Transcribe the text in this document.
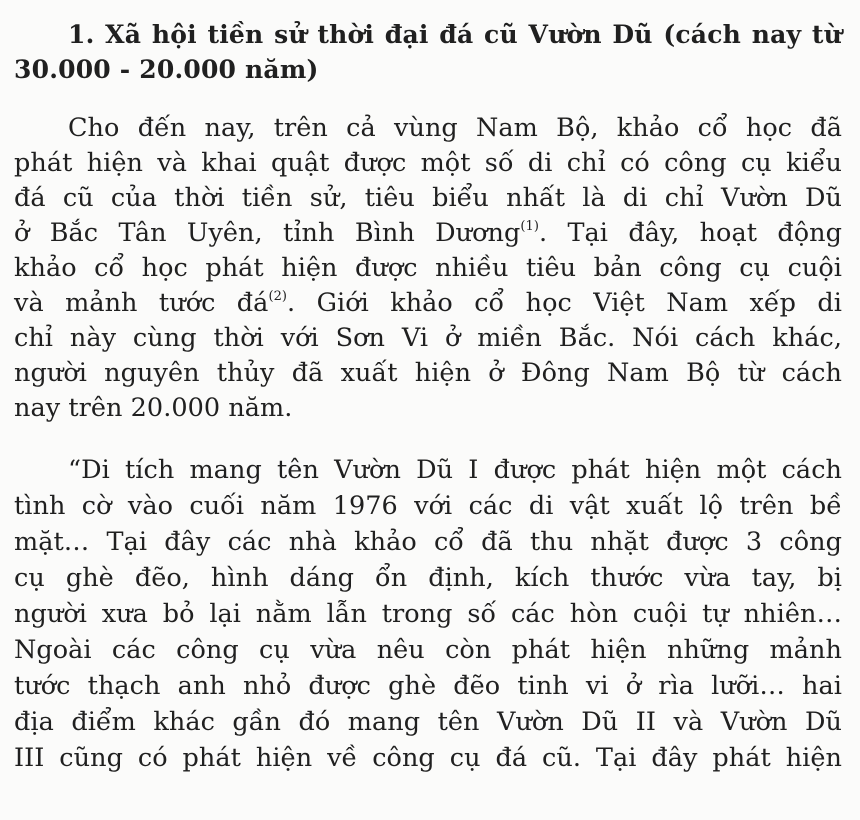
1. Xã hội tiền sử thời đại đá cũ Vườn Dũ (cách nay từ
30.000 - 20.000 năm)
Cho đến nay, trên cả vùng Nam Bộ, khảo cổ học đã
phát hiện và khai quật được một số di chỉ có công cụ kiểu
đá cũ của thời tiền sử, tiêu biểu nhất là di chỉ Vườn Dũ
ở Bắc Tân Uyên, tỉnh Bình Dương$^{(1)}$. Tại đây, hoạt động
khảo cổ học phát hiện được nhiều tiêu bản công cụ cuội
và mảnh tước $đá^{(2)}$. Giới khảo cổ học Việt Nam xếp di
chỉ này cùng thời với Sơn Vi ở miền Bắc. Nói cách khác,
người nguyên thủy đã xuất hiện ở Đông Nam Bộ từ cách
nay trên 20.000 năm.
“Di tích mang tên Vườn Dũ I được phát hiện một cách
tình cờ vào cuối năm 1976 với các di vật xuất lộ trên bề
mặt… Tại đây các nhà khảo cổ đã thu nhặt được 3 công
cụ ghè đẽo, hình dáng ổn định, kích thước vừa tay, bị
người xưa bỏ lại nằm lẫn trong số các hòn cuội tự nhiên…
Ngoài các công cụ vừa nêu còn phát hiện những mảnh
tước thạch anh nhỏ được ghè đẽo tinh vi ở rìa lưỡi… hai
địa điểm khác gần đó mang tên Vườn Dũ II và Vườn Dũ
III cũng có phát hiện về công cụ đá cũ. Tại đây phát hiện
